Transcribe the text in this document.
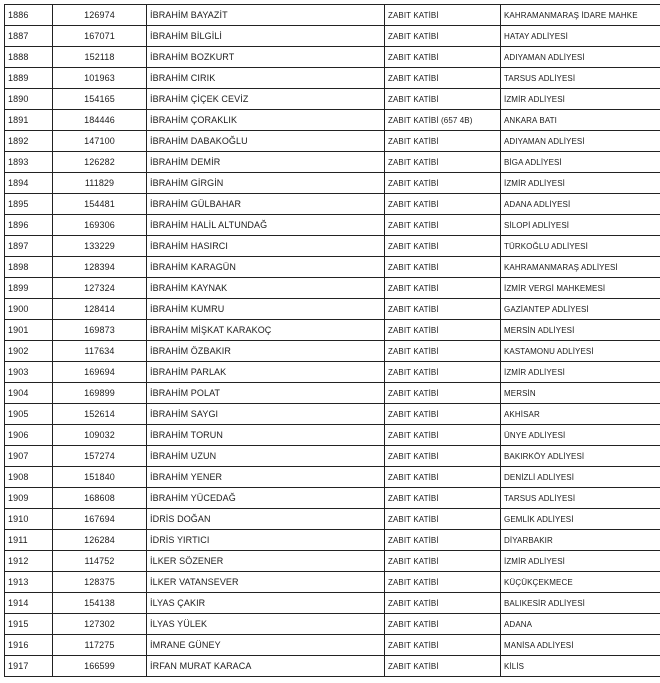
1886	126974	İBRAHİM BAYAZİT	ZABIT KATİBİ	KAHRAMANMARAŞ İDARE MAHKE
1887	167071	İBRAHİM BİLGİLİ	ZABIT KATİBİ	HATAY ADLİYESİ
1888	152118	İBRAHİM BOZKURT	ZABIT KATİBİ	ADIYAMAN ADLİYESİ
1889	101963	İBRAHİM CIRIK	ZABIT KATİBİ	TARSUS ADLİYESİ
1890	154165	İBRAHİM ÇİÇEK CEVİZ	ZABIT KATİBİ	İZMİR ADLİYESİ
1891	184446	İBRAHİM ÇORAKLIK	ZABIT KATİBİ (657 4B)	ANKARA BATI
1892	147100	İBRAHİM DABAKOĞLU	ZABIT KATİBİ	ADIYAMAN ADLİYESİ
1893	126282	İBRAHİM DEMİR	ZABIT KATİBİ	BİGA ADLİYESİ
1894	111829	İBRAHİM GİRGİN	ZABIT KATİBİ	İZMİR ADLİYESİ
1895	154481	İBRAHİM GÜLBAHAR	ZABIT KATİBİ	ADANA ADLİYESİ
1896	169306	İBRAHİM HALİL ALTUNDAĞ	ZABIT KATİBİ	SİLOPİ ADLİYESİ
1897	133229	İBRAHİM HASIRCI	ZABIT KATİBİ	TÜRKOĞLU ADLİYESİ
1898	128394	İBRAHİM KARAGÜN	ZABIT KATİBİ	KAHRAMANMARAŞ ADLİYESİ
1899	127324	İBRAHİM KAYNAK	ZABIT KATİBİ	İZMİR VERGİ MAHKEMESİ
1900	128414	İBRAHİM KUMRU	ZABIT KATİBİ	GAZİANTEP ADLİYESİ
1901	169873	İBRAHİM MİŞKAT KARAKOÇ	ZABIT KATİBİ	MERSİN ADLİYESİ
1902	117634	İBRAHİM ÖZBAKIR	ZABIT KATİBİ	KASTAMONU ADLİYESİ
1903	169694	İBRAHİM PARLAK	ZABIT KATİBİ	İZMİR ADLİYESİ
1904	169899	İBRAHİM POLAT	ZABIT KATİBİ	MERSİN
1905	152614	İBRAHİM SAYGI	ZABIT KATİBİ	AKHİSAR
1906	109032	İBRAHİM TORUN	ZABIT KATİBİ	ÜNYE ADLİYESİ
1907	157274	İBRAHİM UZUN	ZABIT KATİBİ	BAKIRKÖY ADLİYESİ
1908	151840	İBRAHİM YENER	ZABIT KATİBİ	DENİZLİ ADLİYESİ
1909	168608	İBRAHİM YÜCEDAĞ	ZABIT KATİBİ	TARSUS ADLİYESİ
1910	167694	İDRİS DOĞAN	ZABIT KATİBİ	GEMLİK ADLİYESİ
1911	126284	İDRİS YIRTICI	ZABIT KATİBİ	DİYARBAKIR
1912	114752	İLKER SÖZENER	ZABIT KATİBİ	İZMİR ADLİYESİ
1913	128375	İLKER VATANSEVER	ZABIT KATİBİ	KÜÇÜKÇEKMECE
1914	154138	İLYAS ÇAKIR	ZABIT KATİBİ	BALIKESİR ADLİYESİ
1915	127302	İLYAS YÜLEK	ZABIT KATİBİ	ADANA
1916	117275	İMRANE GÜNEY	ZABIT KATİBİ	MANİSA ADLİYESİ
1917	166599	İRFAN MURAT KARACA	ZABIT KATİBİ	KİLİS
